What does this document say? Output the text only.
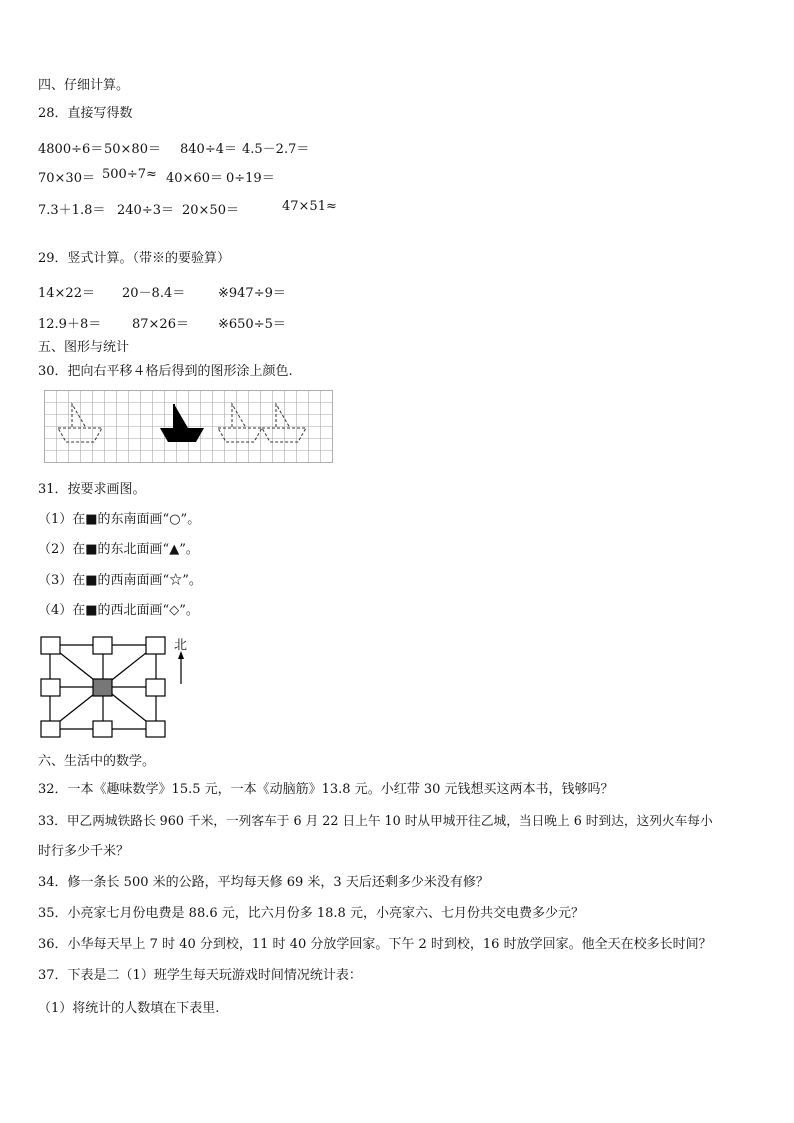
四、仔细计算。
28．直接写得数
4800÷6＝ 50×80＝ 840÷4＝ 4.5－2.7＝
70×30＝ 500÷7≈ 40×60＝ 0÷19＝
7.3＋1.8＝ 240÷3＝ 20×50＝	47×51≈
29．竖式计算。（带※的要验算）
14×22＝ 20－8.4＝	※947÷9＝
12.9＋8＝ 87×26＝ ※650÷5＝
五、图形与统计
30．把向右平移４格后得到的图形涂上颜色.
31．按要求画图。
（1）在■的东南面画“○”。
（2）在■的东北面画“▲”。
（3）在■的西南面画“☆”。
（4）在■的西北面画“◇”。
北
六、生活中的数学。
32．一本《趣味数学》15.5 元，一本《动脑筋》13.8 元。小红带 30 元钱想买这两本书，钱够吗？
33．甲乙两城铁路长 960 千米，一列客车于 6 月 22 日上午 10 时从甲城开往乙城，当日晚上 6 时到达，这列火车每小
时行多少千米？
34．修一条长 500 米的公路，平均每天修 69 米，3 天后还剩多少米没有修？
35．小亮家七月份电费是 88.6 元，比六月份多 18.8 元，小亮家六、七月份共交电费多少元？
36．小华每天早上 7 时 40 分到校，11 时 40 分放学回家。下午 2 时到校，16 时放学回家。他全天在校多长时间？
37．下表是二（1）班学生每天玩游戏时间情况统计表：
（1）将统计的人数填在下表里.
